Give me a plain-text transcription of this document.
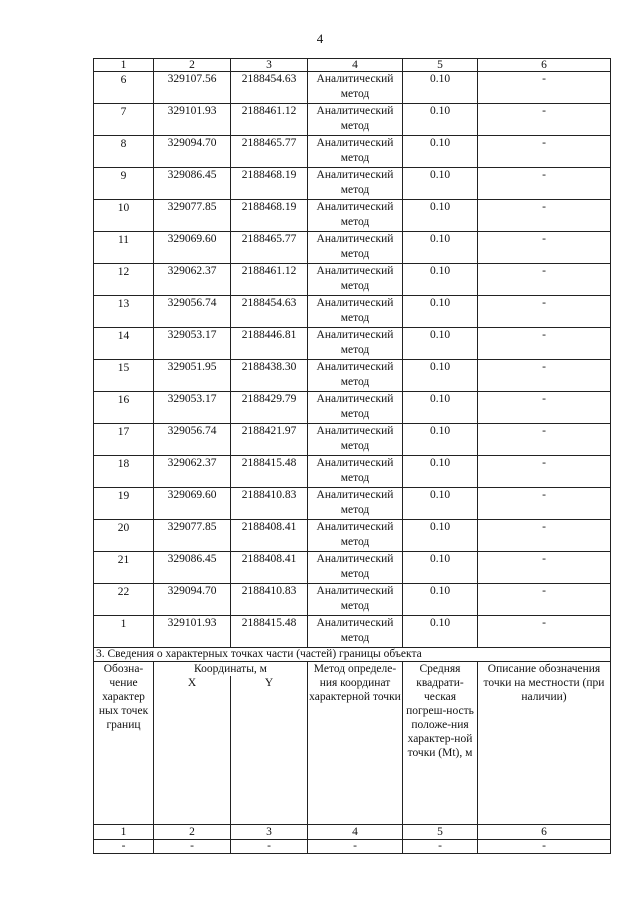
4
1	2	3	4	5	6
6	329107.56	2188454.63	Аналитический метод	0.10	-
7	329101.93	2188461.12	Аналитический метод	0.10	-
8	329094.70	2188465.77	Аналитический метод	0.10	-
9	329086.45	2188468.19	Аналитический метод	0.10	-
10	329077.85	2188468.19	Аналитический метод	0.10	-
11	329069.60	2188465.77	Аналитический метод	0.10	-
12	329062.37	2188461.12	Аналитический метод	0.10	-
13	329056.74	2188454.63	Аналитический метод	0.10	-
14	329053.17	2188446.81	Аналитический метод	0.10	-
15	329051.95	2188438.30	Аналитический метод	0.10	-
16	329053.17	2188429.79	Аналитический метод	0.10	-
17	329056.74	2188421.97	Аналитический метод	0.10	-
18	329062.37	2188415.48	Аналитический метод	0.10	-
19	329069.60	2188410.83	Аналитический метод	0.10	-
20	329077.85	2188408.41	Аналитический метод	0.10	-
21	329086.45	2188408.41	Аналитический метод	0.10	-
22	329094.70	2188410.83	Аналитический метод	0.10	-
1	329101.93	2188415.48	Аналитический метод	0.10	-
3. Сведения о характерных точках части (частей) границы объекта					
Обозна-чение характер ных точек границ	Координаты, м		Метод определе-ния координат характерной точки	Средняя квадрати-ческая погреш-ность положе-ния характер-ной точки (Mt), м	Описание обозначения точки на местности (при наличии)
	X	Y			
1	2	3	4	5	6
-	-	-	-	-	-
